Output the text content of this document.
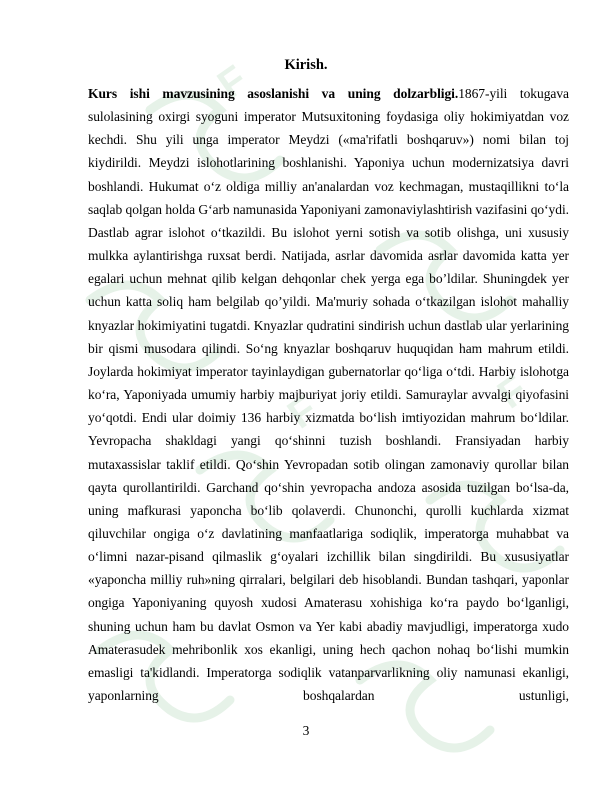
F
F	F
Kirish.

Kurs ishi mavzusining asoslanishi va uning dolzarbligi.1867-yili tokugava sulolasining oxirgi syoguni imperator Mutsuxitoning foydasiga oliy hokimiyatdan voz kechdi. Shu yili unga imperator Meydzi («ma'rifatli boshqaruv») nomi bilan toj kiydirildi. Meydzi islohotlarining boshlanishi. Yaponiya uchun modernizatsiya davri boshlandi. Hukumat o‘z oldiga milliy an'analardan voz kechmagan, mustaqillikni to‘la saqlab qolgan holda G‘arb namunasida Yaponiyani zamonaviylashtirish vazifasini qo‘ydi. Dastlab agrar islohot o‘tkazildi. Bu islohot yerni sotish va sotib olishga, uni xususiy mulkka aylantirishga ruxsat berdi. Natijada, asrlar davomida asrlar davomida katta yer egalari uchun mehnat qilib kelgan dehqonlar chek yerga ega bo’ldilar. Shuningdek yer uchun katta soliq ham belgilab qo’yildi. Ma'muriy sohada o‘tkazilgan islohot mahalliy knyazlar hokimiyatini tugatdi. Knyazlar qudratini sindirish uchun dastlab ular yerlarining bir qismi musodara qilindi. So‘ng knyazlar boshqaruv huquqidan ham mahrum etildi. Joylarda hokimiyat imperator tayinlaydigan gubernatorlar qo‘liga o‘tdi. Harbiy islohotga ko‘ra, Yaponiyada umumiy harbiy majburiyat joriy etildi. Samuraylar avvalgi qiyofasini yo‘qotdi. Endi ular doimiy 136 harbiy xizmatda bo‘lish imtiyozidan mahrum bo‘ldilar. Yevropacha shakldagi yangi qo‘shinni tuzish boshlandi. Fransiyadan harbiy mutaxassislar taklif etildi. Qo‘shin Yevropadan sotib olingan zamonaviy qurollar bilan qayta qurollantirildi. Garchand qo‘shin yevropacha andoza asosida tuzilgan bo‘lsa-da, uning mafkurasi yaponcha bo‘lib qolaverdi. Chunonchi, qurolli kuchlarda xizmat qiluvchilar ongiga o‘z davlatining manfaatlariga sodiqlik, imperatorga muhabbat va o‘limni nazar-pisand qilmaslik g‘oyalari izchillik bilan singdirildi. Bu xususiyatlar «yaponcha milliy ruh»ning qirralari, belgilari deb hisoblandi. Bundan tashqari, yaponlar ongiga Yaponiyaning quyosh xudosi Amaterasu xohishiga ko‘ra paydo bo‘lganligi, shuning uchun ham bu davlat Osmon va Yer kabi abadiy mavjudligi, imperatorga xudo Amaterasudek mehribonlik xos ekanligi, uning hech qachon nohaq bo‘lishi mumkin emasligi ta'kidlandi. Imperatorga sodiqlik vatanparvarlikning oliy namunasi ekanligi, yaponlarning boshqalardan ustunligi,

3
